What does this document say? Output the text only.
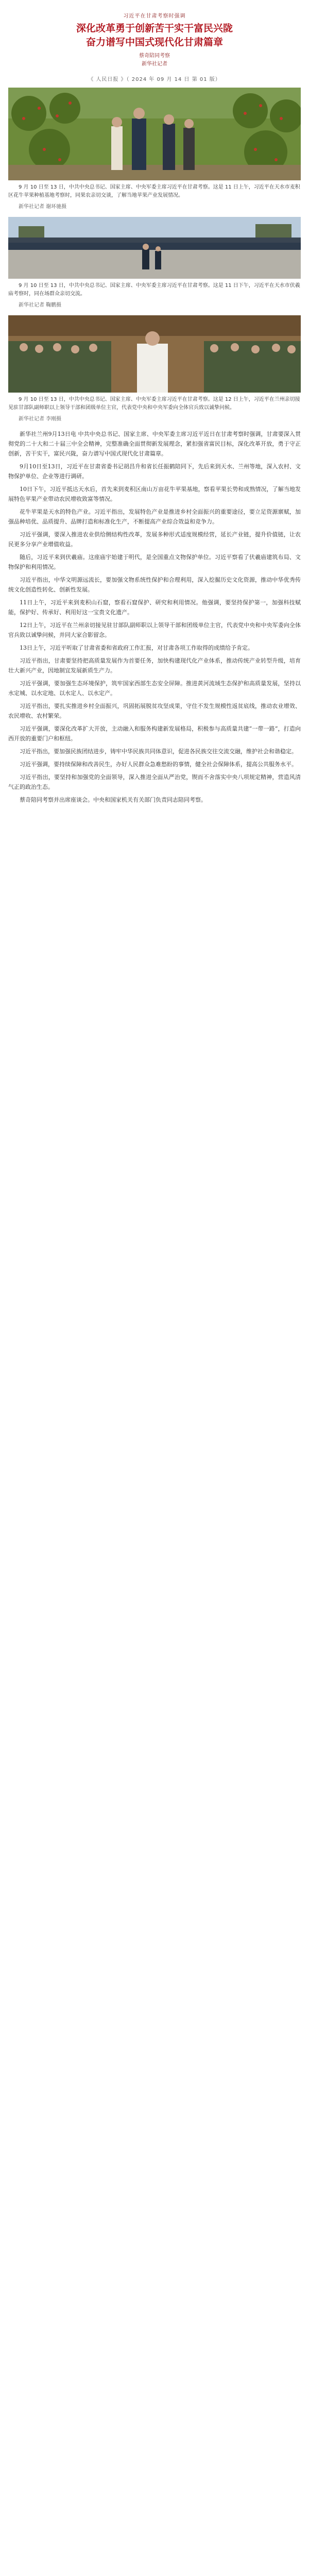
习近平在甘肃考察时强调
深化改革勇于创新苦干实干富民兴陇
奋力谱写中国式现代化甘肃篇章
蔡奇陪同考察
新华社记者
《 人民日报 》（ 2024 年 09 月 14 日 第 01 版）
9 月 10 日至 13 日，中共中央总书记、国家主席、中央军委主席习近平在甘肃考察。这是 11 日上午，习近平在天水市麦积区花牛苹果种植基地考察时，同果农亲切交谈，了解当地苹果产业发展情况。
新华社记者 谢环驰摄
9 月 10 日至 13 日，中共中央总书记、国家主席、中央军委主席习近平在甘肃考察。这是 11 日下午，习近平在天水市伏羲庙考察时，同在场群众亲切交流。
新华社记者 鞠鹏摄
9 月 10 日至 13 日，中共中央总书记、国家主席、中央军委主席习近平在甘肃考察。这是 12 日上午，习近平在兰州亲切接见驻甘部队副师职以上领导干部和团级单位主官，代表党中央和中央军委向全体官兵致以诚挚问候。
新华社记者 李刚摄

新华社兰州9月13日电 中共中央总书记、国家主席、中央军委主席习近平近日在甘肃考察时强调，甘肃要深入贯彻党的二十大和二十届三中全会精神，完整准确全面贯彻新发展理念，紧扣强省富民目标，深化改革开放，勇于守正创新，苦干实干，富民兴陇，奋力谱写中国式现代化甘肃篇章。

9月10日至13日，习近平在甘肃省委书记胡昌升和省长任振鹤陪同下，先后来到天水、兰州等地，深入农村、文物保护单位、企业等进行调研。

10日下午，习近平抵达天水后，首先来到麦积区南山万亩花牛苹果基地，察看苹果长势和成熟情况，了解当地发展特色苹果产业带动农民增收致富等情况。

花牛苹果是天水的特色产业。习近平指出，发展特色产业是推进乡村全面振兴的重要途径，要立足资源禀赋，加强品种培优、品质提升、品牌打造和标准化生产，不断提高产业综合效益和竞争力。

习近平强调，要深入推进农业供给侧结构性改革，发展多种形式适度规模经营，延长产业链，提升价值链，让农民更多分享产业增值收益。

随后，习近平来到伏羲庙。这座庙宇始建于明代，是全国重点文物保护单位。习近平察看了伏羲庙建筑布局、文物保护和利用情况。

习近平指出，中华文明源远流长，要加强文物系统性保护和合理利用，深入挖掘历史文化资源，推动中华优秀传统文化创造性转化、创新性发展。

11日上午，习近平来到麦积山石窟，察看石窟保护、研究和利用情况。他强调，要坚持保护第一，加强科技赋能，保护好、传承好、利用好这一宝贵文化遗产。

12日上午，习近平在兰州亲切接见驻甘部队副师职以上领导干部和团级单位主官，代表党中央和中央军委向全体官兵致以诚挚问候，并同大家合影留念。

13日上午，习近平听取了甘肃省委和省政府工作汇报，对甘肃各项工作取得的成绩给予肯定。

习近平指出，甘肃要坚持把高质量发展作为首要任务，加快构建现代化产业体系，推动传统产业转型升级，培育壮大新兴产业，因地制宜发展新质生产力。

习近平强调，要加强生态环境保护，筑牢国家西部生态安全屏障。推进黄河流域生态保护和高质量发展，坚持以水定城、以水定地、以水定人、以水定产。

习近平指出，要扎实推进乡村全面振兴，巩固拓展脱贫攻坚成果，守住不发生规模性返贫底线，推动农业增效、农民增收、农村繁荣。

习近平强调，要深化改革扩大开放，主动融入和服务构建新发展格局，积极参与高质量共建“一带一路”，打造向西开放的重要门户和枢纽。

习近平指出，要加强民族团结进步，铸牢中华民族共同体意识，促进各民族交往交流交融，维护社会和谐稳定。

习近平强调，要持续保障和改善民生，办好人民群众急难愁盼的事情，健全社会保障体系，提高公共服务水平。

习近平指出，要坚持和加强党的全面领导，深入推进全面从严治党，锲而不舍落实中央八项规定精神，营造风清气正的政治生态。

蔡奇陪同考察并出席座谈会。中央和国家机关有关部门负责同志陪同考察。
